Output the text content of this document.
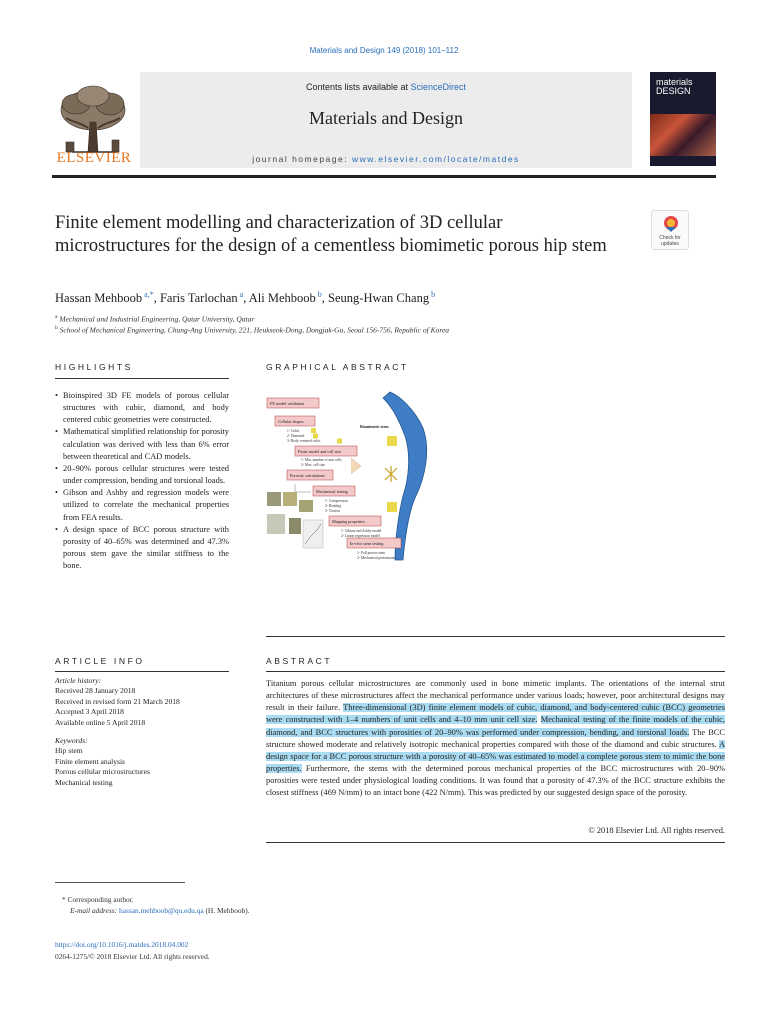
Materials and Design 149 (2018) 101–112
ELSEVIER
Contents lists available at ScienceDirect
Materials and Design
journal homepage: www.elsevier.com/locate/matdes
materials
DESIGN
Finite element modelling and characterization of 3D cellular microstructures for the design of a cementless biomimetic porous hip stem	Check for updates
Hassan Mehboob $^{a,*}$, Faris Tarlochan $^a$, Ali Mehboob $^b$, Seung-Hwan Chang $^b$
$^a$ Mechanical and Industrial Engineering, Qatar University, Qatar
$^b$ School of Mechanical Engineering, Chung-Ang University, 221, Heukseok-Dong, Dongjak-Gu, Seoul 156-756, Republic of Korea
HIGHLIGHTS	GRAPHICAL ABSTRACT
• Bioinspired 3D FE models of porous cellular structures with cubic, diamond, and body centered cubic geometries were constructed.
• Mathematical simplified relationship for porosity calculation was derived with less than 6% error between theoretical and CAD models.
• 20–90% porous cellular structures were tested under compression, bending and torsional loads.
• Gibson and Ashby and regression models were utilized to correlate the mechanical properties from FEA results.
• A design space of BCC porous structure with porosity of 40–65% was determined and 47.3% porous stem gave the similar stiffness to the bone.
FE model validation
Cellular shapes
1- Cubic
2- Diamond
3- Body centered cubic
Biomimetic stem
Finite model and cell size
1- Min. number of unit cells
2- Max. cell size
Porosity calculations
Mechanical testing
1- Compression
2- Bending
3- Torsion
Mapping properties
1- Gibson and Ashby model
2- Linear regression model
In-vivo stem testing
1- Full porous stem
2- Mechanical performance
ARTICLE INFO
Article history:
Received 28 January 2018
Received in revised form 21 March 2018
Accepted 3 April 2018
Available online 5 April 2018
Keywords:
Hip stem
Finite element analysis
Porous cellular microstructures
Mechanical testing
ABSTRACT
Titanium porous cellular microstructures are commonly used in bone mimetic implants. The orientations of the internal strut architectures of these microstructures affect the mechanical performance under various loads; however, poor architectural designs may result in their failure. Three-dimensional (3D) finite element models of cubic, diamond, and body-centered cubic (BCC) geometries were constructed with 1–4 numbers of unit cells and 4–10 mm unit cell size. Mechanical testing of the finite models of the cubic, diamond, and BCC structures with porosities of 20–90% was performed under compression, bending, and torsional loads. The BCC structure showed moderate and relatively isotropic mechanical properties compared with those of the diamond and cubic structures. A design space for a BCC porous structure with a porosity of 40–65% was estimated to model a complete porous stem to mimic the bone properties. Furthermore, the stems with the determined porous mechanical properties of the BCC microstructures with 20–90% porosities were tested under physiological loading conditions. It was found that a porosity of 47.3% of the BCC structure exhibits the closest stiffness (469 N/mm) to an intact bone (422 N/mm). This was predicted by our suggested design space of the porosity.
© 2018 Elsevier Ltd. All rights reserved.
* Corresponding author.
E-mail address: hassan.mehboob@qu.edu.qa (H. Mehboob).
https://doi.org/10.1016/j.matdes.2018.04.002
0264-1275/© 2018 Elsevier Ltd. All rights reserved.
